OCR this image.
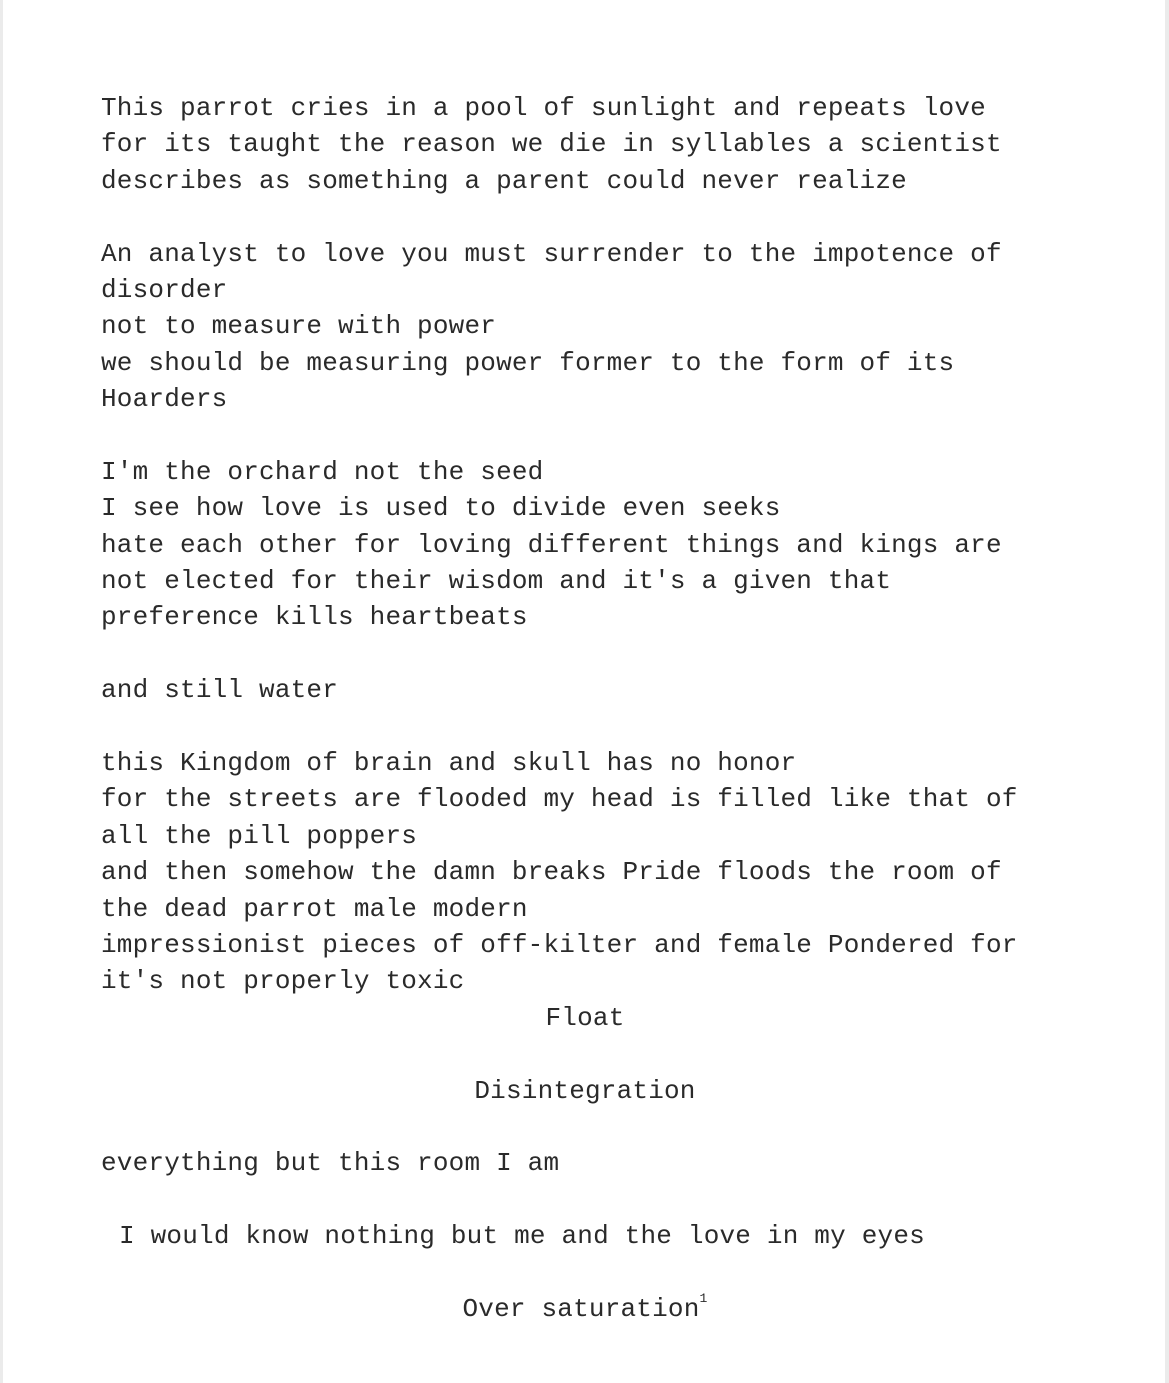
This parrot cries in a pool of sunlight and repeats love
for its taught the reason we die in syllables a scientist
describes as something a parent could never realize
An analyst to love you must surrender to the impotence of
disorder
not to measure with power
we should be measuring power former to the form of its
Hoarders
I'm the orchard not the seed
I see how love is used to divide even seeks
hate each other for loving different things and kings are
not elected for their wisdom and it's a given that
preference kills heartbeats
and still water
this Kingdom of brain and skull has no honor
for the streets are flooded my head is filled like that of
all the pill poppers
and then somehow the damn breaks Pride floods the room of
the dead parrot male modern
impressionist pieces of off-kilter and female Pondered for
it's not properly toxic
Float
Disintegration
everything but this room I am
I would know nothing but me and the love in my eyes
Over saturation$^1$
